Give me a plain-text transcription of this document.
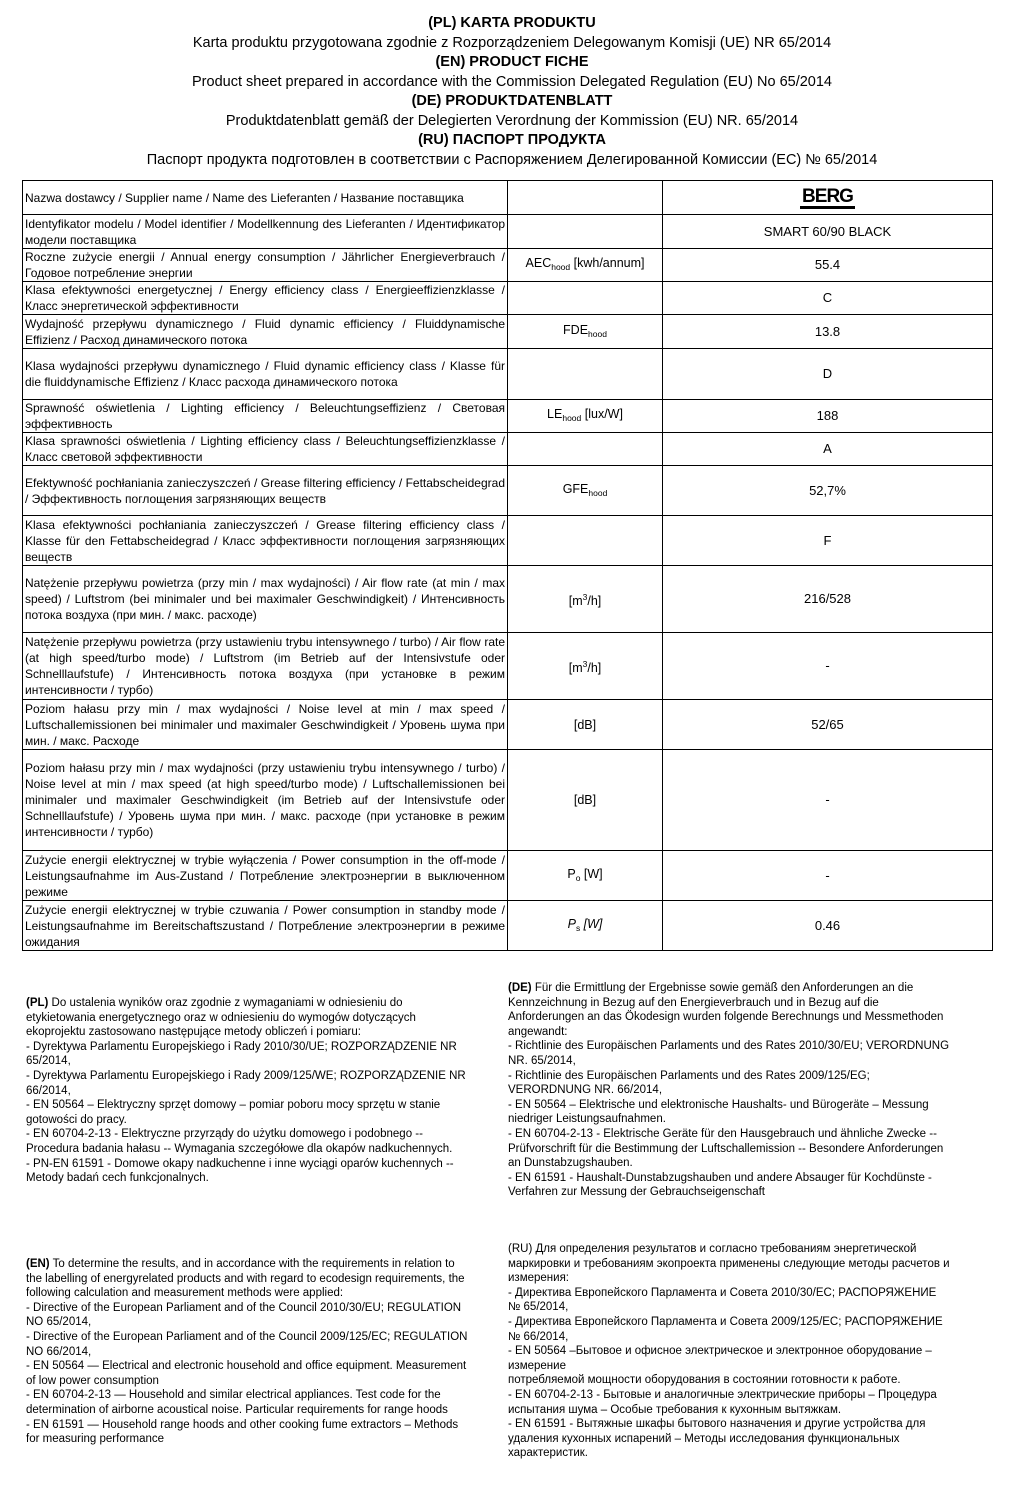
(PL) KARTA PRODUKTU
Karta produktu przygotowana zgodnie z Rozporządzeniem Delegowanym Komisji (UE) NR 65/2014
(EN) PRODUCT FICHE
Product sheet prepared in accordance with the Commission Delegated Regulation (EU) No 65/2014
(DE) PRODUKTDATENBLATT
Produktdatenblatt gemäß der Delegierten Verordnung der Kommission (EU) NR. 65/2014
(RU) ПАСПОРТ ПРОДУКТА
Паспорт продукта подготовлен в соответствии с Распоряжением Делегированной Комиссии (ЕС) № 65/2014
Nazwa dostawcy / Supplier name / Name des Lieferanten / Название поставщика		BERG
Identyfikator modelu / Model identifier / Modellkennung des Lieferanten / Идентификатор модели поставщика		SMART 60/90 BLACK
Roczne zużycie energii / Annual energy consumption / Jährlicher Energieverbrauch / Годовое потребление энергии	$AEC_{hood}$ [kwh/annum]	55.4
Klasa efektywności energetycznej / Energy efficiency class / Energieeffizienzklasse / Класс энергетической эффективности		C
Wydajność przepływu dynamicznego / Fluid dynamic efficiency / Fluiddynamische Effizienz / Расход динамического потока	$FDE_{hood}$	13.8
Klasa wydajności przepływu dynamicznego / Fluid dynamic efficiency class / Klasse für die fluiddynamische Effizienz / Класс расхода динамического потока		D
Sprawność oświetlenia / Lighting efficiency / Beleuchtungseffizienz / Световая эффективность	$LE_{hood}$ [lux/W]	188
Klasa sprawności oświetlenia / Lighting efficiency class / Beleuchtungseffizienzklasse / Класс световой эффективности		A
Efektywność pochłaniania zanieczyszczeń / Grease filtering efficiency / Fettabscheidegrad / Эффективность поглощения загрязняющих веществ	$GFE_{hood}$	52,7%
Klasa efektywności pochłaniania zanieczyszczeń / Grease filtering efficiency class / Klasse für den Fettabscheidegrad / Класс эффективности поглощения загрязняющих веществ		F
Natężenie przepływu powietrza (przy min / max wydajności) / Air flow rate (at min / max speed) / Luftstrom (bei minimaler und bei maximaler Geschwindigkeit) / Интенсивность потока воздуха (при мин. / макс. расходе)	$[m^3/h]$	216/528
Natężenie przepływu powietrza (przy ustawieniu trybu intensywnego / turbo) / Air flow rate (at high speed/turbo mode) / Luftstrom (im Betrieb auf der Intensivstufe oder Schnelllaufstufe) / Интенсивность потока воздуха (при установке в режим интенсивности / турбо)	$[m^3/h]$	-
Poziom hałasu przy min / max wydajności / Noise level at min / max speed / Luftschallemissionen bei minimaler und maximaler Geschwindigkeit / Уровень шума при мин. / макс. Расходе	[dB]	52/65
Poziom hałasu przy min / max wydajności (przy ustawieniu trybu intensywnego / turbo) / Noise level at min / max speed (at high speed/turbo mode) / Luftschallemissionen bei minimaler und maximaler Geschwindigkeit (im Betrieb auf der Intensivstufe oder Schnelllaufstufe) / Уровень шума при мин. / макс. расходе (при установке в режим интенсивности / турбо)	[dB]	-
Zużycie energii elektrycznej w trybie wyłączenia / Power consumption in the off-mode / Leistungsaufnahme im Aus-Zustand / Потребление электроэнергии в выключенном режиме	$P_o$ [W]	-
Zużycie energii elektrycznej w trybie czuwania / Power consumption in standby mode / Leistungsaufnahme im Bereitschaftszustand / Потребление электроэнергии в режиме ожидания	$P_s$ [W]	0.46
(PL) Do ustalenia wyników oraz zgodnie z wymaganiami w odniesieniu do
etykietowania energetycznego oraz w odniesieniu do wymogów dotyczących
ekoprojektu zastosowano następujące metody obliczeń i pomiaru:
- Dyrektywa Parlamentu Europejskiego i Rady 2010/30/UE; ROZPORZĄDZENIE NR
65/2014,
- Dyrektywa Parlamentu Europejskiego i Rady 2009/125/WE; ROZPORZĄDZENIE NR
66/2014,
- EN 50564 – Elektryczny sprzęt domowy – pomiar poboru mocy sprzętu w stanie
gotowości do pracy.
- EN 60704-2-13 - Elektryczne przyrządy do użytku domowego i podobnego --
Procedura badania hałasu -- Wymagania szczegółowe dla okapów nadkuchennych.
- PN-EN 61591 - Domowe okapy nadkuchenne i inne wyciągi oparów kuchennych --
Metody badań cech funkcjonalnych.
(DE) Für die Ermittlung der Ergebnisse sowie gemäß den Anforderungen an die
Kennzeichnung in Bezug auf den Energieverbrauch und in Bezug auf die
Anforderungen an das Ökodesign wurden folgende Berechnungs und Messmethoden
angewandt:
- Richtlinie des Europäischen Parlaments und des Rates 2010/30/EU; VERORDNUNG
NR. 65/2014,
- Richtlinie des Europäischen Parlaments und des Rates 2009/125/EG;
VERORDNUNG NR. 66/2014,
- EN 50564 – Elektrische und elektronische Haushalts- und Bürogeräte – Messung
niedriger Leistungsaufnahmen.
- EN 60704-2-13 - Elektrische Geräte für den Hausgebrauch und ähnliche Zwecke --
Prüfvorschrift für die Bestimmung der Luftschallemission -- Besondere Anforderungen
an Dunstabzugshauben.
- EN 61591 - Haushalt-Dunstabzugshauben und andere Absauger für Kochdünste -
Verfahren zur Messung der Gebrauchseigenschaft
(EN) To determine the results, and in accordance with the requirements in relation to
the labelling of energyrelated products and with regard to ecodesign requirements, the
following calculation and measurement methods were applied:
- Directive of the European Parliament and of the Council 2010/30/EU; REGULATION
NO 65/2014,
- Directive of the European Parliament and of the Council 2009/125/EC; REGULATION
NO 66/2014,
- EN 50564 — Electrical and electronic household and office equipment. Measurement
of low power consumption
- EN 60704-2-13 — Household and similar electrical appliances. Test code for the
determination of airborne acoustical noise. Particular requirements for range hoods
- EN 61591 — Household range hoods and other cooking fume extractors – Methods
for measuring performance
(RU) Для определения результатов и согласно требованиям энергетической
маркировки и требованиям экопроекта применены следующие методы расчетов и
измерения:
- Директива Европейского Парламента и Совета 2010/30/ЕС; РАСПОРЯЖЕНИЕ
№ 65/2014,
- Директива Европейского Парламента и Совета 2009/125/ЕС; РАСПОРЯЖЕНИЕ
№ 66/2014,
- EN 50564 –Бытовое и офисное электрическое и электронное оборудование –
измерение
потребляемой мощности оборудования в состоянии готовности к работе.
- EN 60704-2-13 - Бытовые и аналогичные электрические приборы – Процедура
испытания шума – Особые требования к кухонным вытяжкам.
- EN 61591 - Вытяжные шкафы бытового назначения и другие устройства для
удаления кухонных испарений – Методы исследования функциональных
характеристик.
